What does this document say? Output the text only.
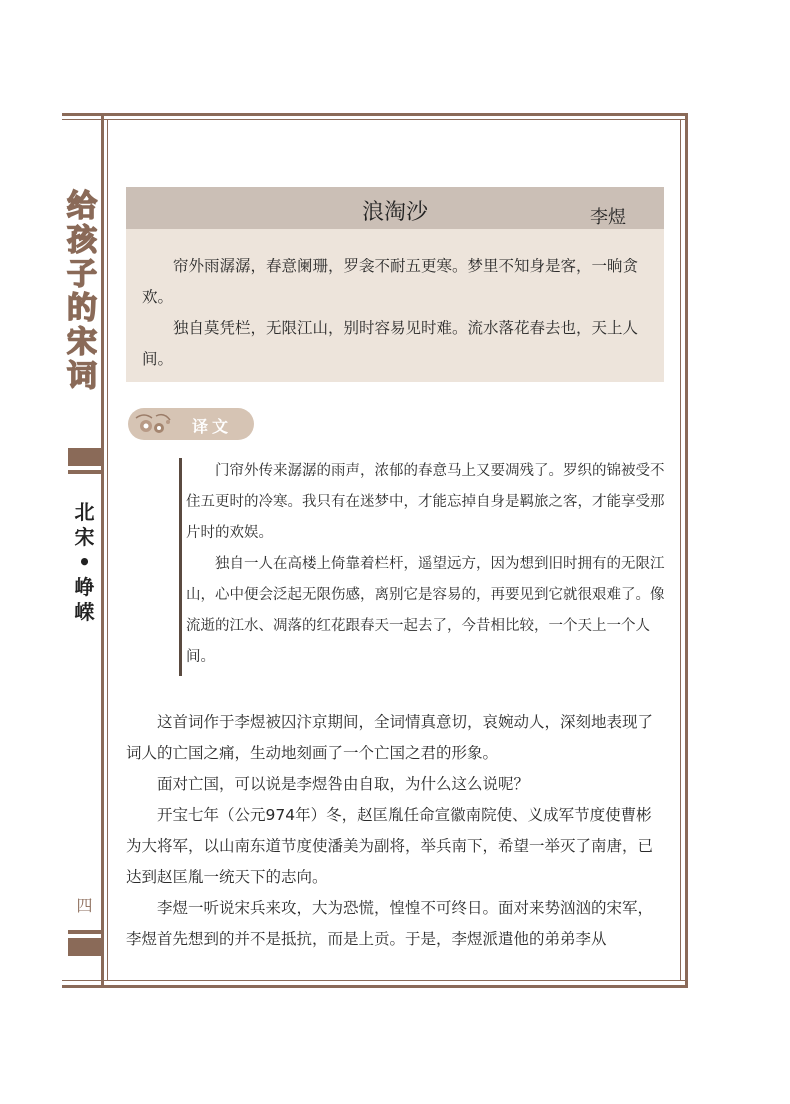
给
孩
子
的
宋
词
北
宋
•
峥
嵘
四
浪淘沙	李煜

帘外雨潺潺，春意阑珊，罗衾不耐五更寒。梦里不知身是客，一晌贪欢。

独自莫凭栏，无限江山，别时容易见时难。流水落花春去也，天上人间。

译文

门帘外传来潺潺的雨声，浓郁的春意马上又要凋残了。罗织的锦被受不住五更时的冷寒。我只有在迷梦中，才能忘掉自身是羁旅之客，才能享受那片时的欢娱。

独自一人在高楼上倚靠着栏杆，遥望远方，因为想到旧时拥有的无限江山，心中便会泛起无限伤感，离别它是容易的，再要见到它就很艰难了。像流逝的江水、凋落的红花跟春天一起去了，今昔相比较，一个天上一个人间。

这首词作于李煜被囚汴京期间，全词情真意切，哀婉动人，深刻地表现了词人的亡国之痛，生动地刻画了一个亡国之君的形象。

面对亡国，可以说是李煜咎由自取，为什么这么说呢？

开宝七年（公元974年）冬，赵匡胤任命宣徽南院使、义成军节度使曹彬为大将军，以山南东道节度使潘美为副将，举兵南下，希望一举灭了南唐，已达到赵匡胤一统天下的志向。

李煜一听说宋兵来攻，大为恐慌，惶惶不可终日。面对来势汹汹的宋军，李煜首先想到的并不是抵抗，而是上贡。于是，李煜派遣他的弟弟李从
